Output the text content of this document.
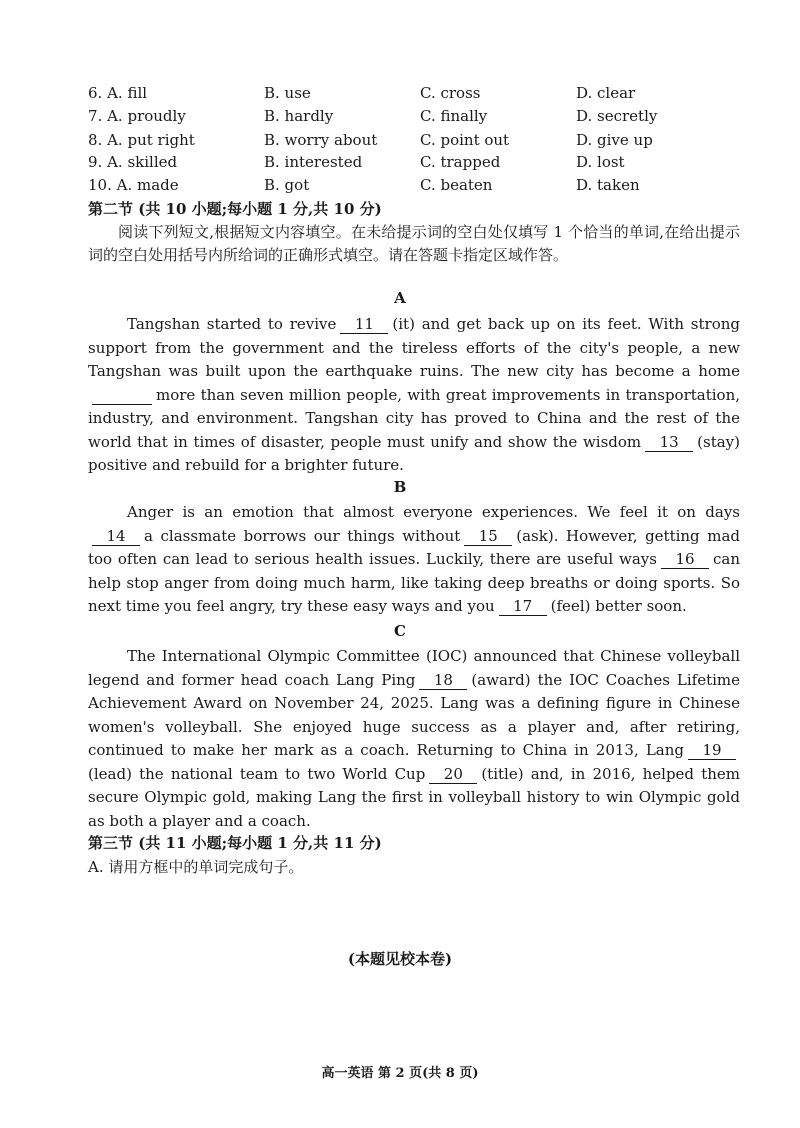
6. A. fill	B. use	C. cross	D. clear
7. A. proudly	B. hardly	C. finally	D. secretly
8. A. put right	B. worry about	C. point out	D. give up
9. A. skilled	B. interested	C. trapped	D. lost
10. A. made	B. got	C. beaten	D. taken
第二节 (共 10 小题;每小题 1 分,共 10 分)
阅读下列短文,根据短文内容填空。在未给提示词的空白处仅填写 1 个恰当的单词,在给出提示词的空白处用括号内所给词的正确形式填空。请在答题卡指定区域作答。
A

Tangshan started to revive 11 (it) and get back up on its feet. With strong support from the government and the tireless efforts of the city's people, a new Tangshan was built upon the earthquake ruins. The new city has become a homemore than seven million people, with great improvements in transportation, industry, and environment. Tangshan city has proved to China and the rest of the world that in times of disaster, people must unify and show the wisdom 13 (stay) positive and rebuild for a brighter future.

B

Anger is an emotion that almost everyone experiences. We feel it on days14 a classmate borrows our things without 15 (ask). However, getting mad too often can lead to serious health issues. Luckily, there are useful ways 16 can help stop anger from doing much harm, like taking deep breaths or doing sports. So next time you feel angry, try these easy ways and you 17 (feel) better soon.

C

The International Olympic Committee (IOC) announced that Chinese volleyball legend and former head coach Lang Ping 18 (award) the IOC Coaches Lifetime Achievement Award on November 24, 2025. Lang was a defining figure in Chinese women's volleyball. She enjoyed huge success as a player and, after retiring, continued to make her mark as a coach. Returning to China in 2013, Lang 19(lead) the national team to two World Cup 20 (title) and, in 2016, helped them secure Olympic gold, making Lang the first in volleyball history to win Olympic gold as both a player and a coach.

第三节 (共 11 小题;每小题 1 分,共 11 分)
A. 请用方框中的单词完成句子。
(本题见校本卷)
高一英语 第 2 页(共 8 页)
